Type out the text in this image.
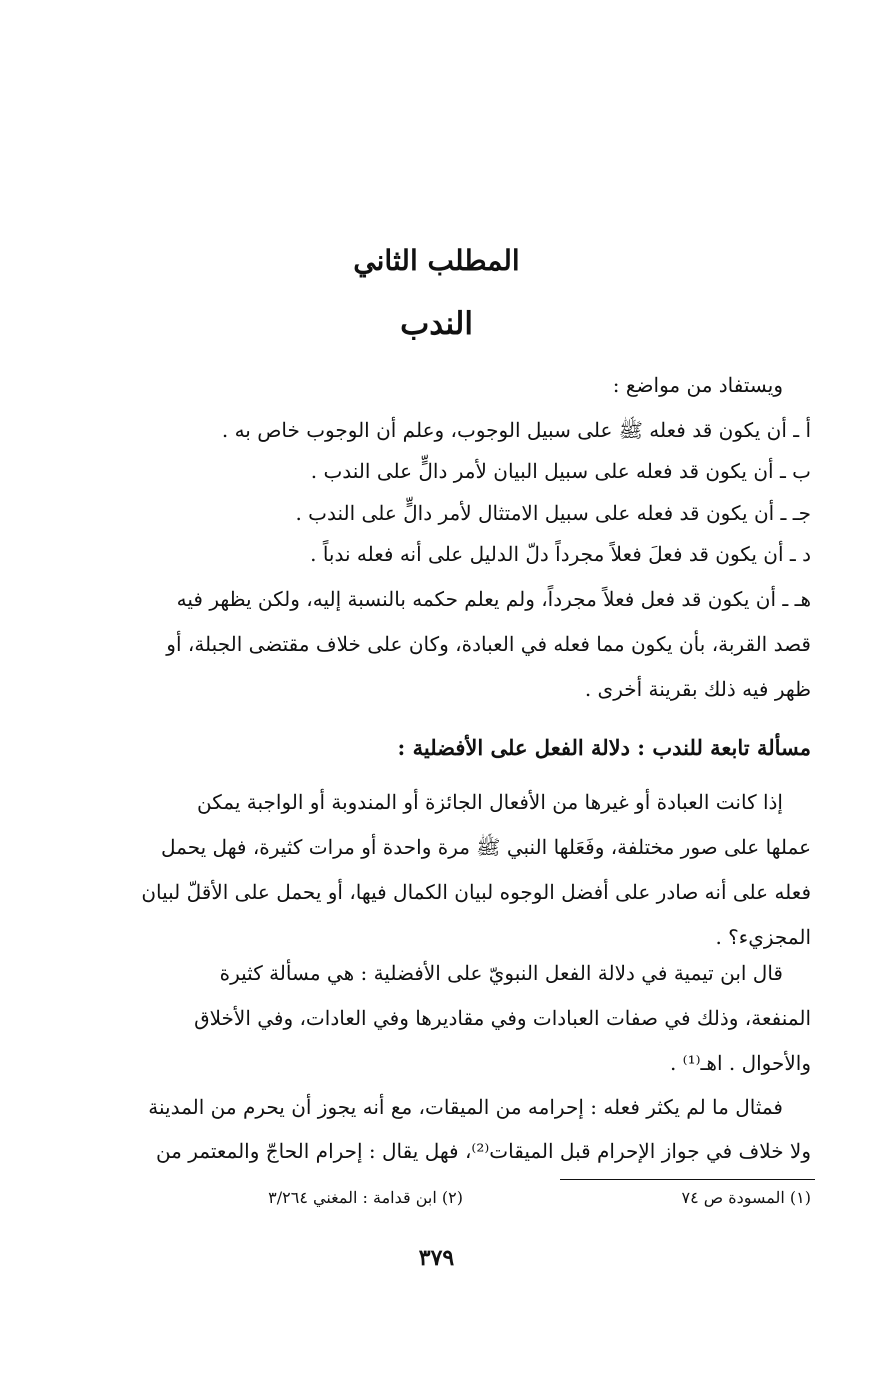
المطلب الثاني
الندب
ويستفاد من مواضع :
أ ـ أن يكون قد فعله ﷺ على سبيل الوجوب، وعلم أن الوجوب خاص به .
ب ـ أن يكون قد فعله على سبيل البيان لأمر دالٍّ على الندب .
جـ ـ أن يكون قد فعله على سبيل الامتثال لأمر دالٍّ على الندب .
د ـ أن يكون قد فعلَ فعلاً مجرداً دلّ الدليل على أنه فعله ندباً .
هـ ـ أن يكون قد فعل فعلاً مجرداً، ولم يعلم حكمه بالنسبة إليه، ولكن يظهر فيه
قصد القربة، بأن يكون مما فعله في العبادة، وكان على خلاف مقتضى الجبلة، أو
ظهر فيه ذلك بقرينة أخرى .
مسألة تابعة للندب : دلالة الفعل على الأفضلية :
إذا كانت العبادة أو غيرها من الأفعال الجائزة أو المندوبة أو الواجبة يمكن
عملها على صور مختلفة، وفَعَلها النبي ﷺ مرة واحدة أو مرات كثيرة، فهل يحمل
فعله على أنه صادر على أفضل الوجوه لبيان الكمال فيها، أو يحمل على الأقلّ لبيان
المجزيء؟ .
قال ابن تيمية في دلالة الفعل النبويّ على الأفضلية : هي مسألة كثيرة
المنفعة، وذلك في صفات العبادات وفي مقاديرها وفي العادات، وفي الأخلاق
والأحوال . اهـ⁽¹⁾ .
فمثال ما لم يكثر فعله : إحرامه من الميقات، مع أنه يجوز أن يحرم من المدينة
ولا خلاف في جواز الإحرام قبل الميقات⁽²⁾، فهل يقال : إحرام الحاجّ والمعتمر من
(١) المسودة ص ٧٤
(٢) ابن قدامة : المغني ٣/٢٦٤
٣٧٩
